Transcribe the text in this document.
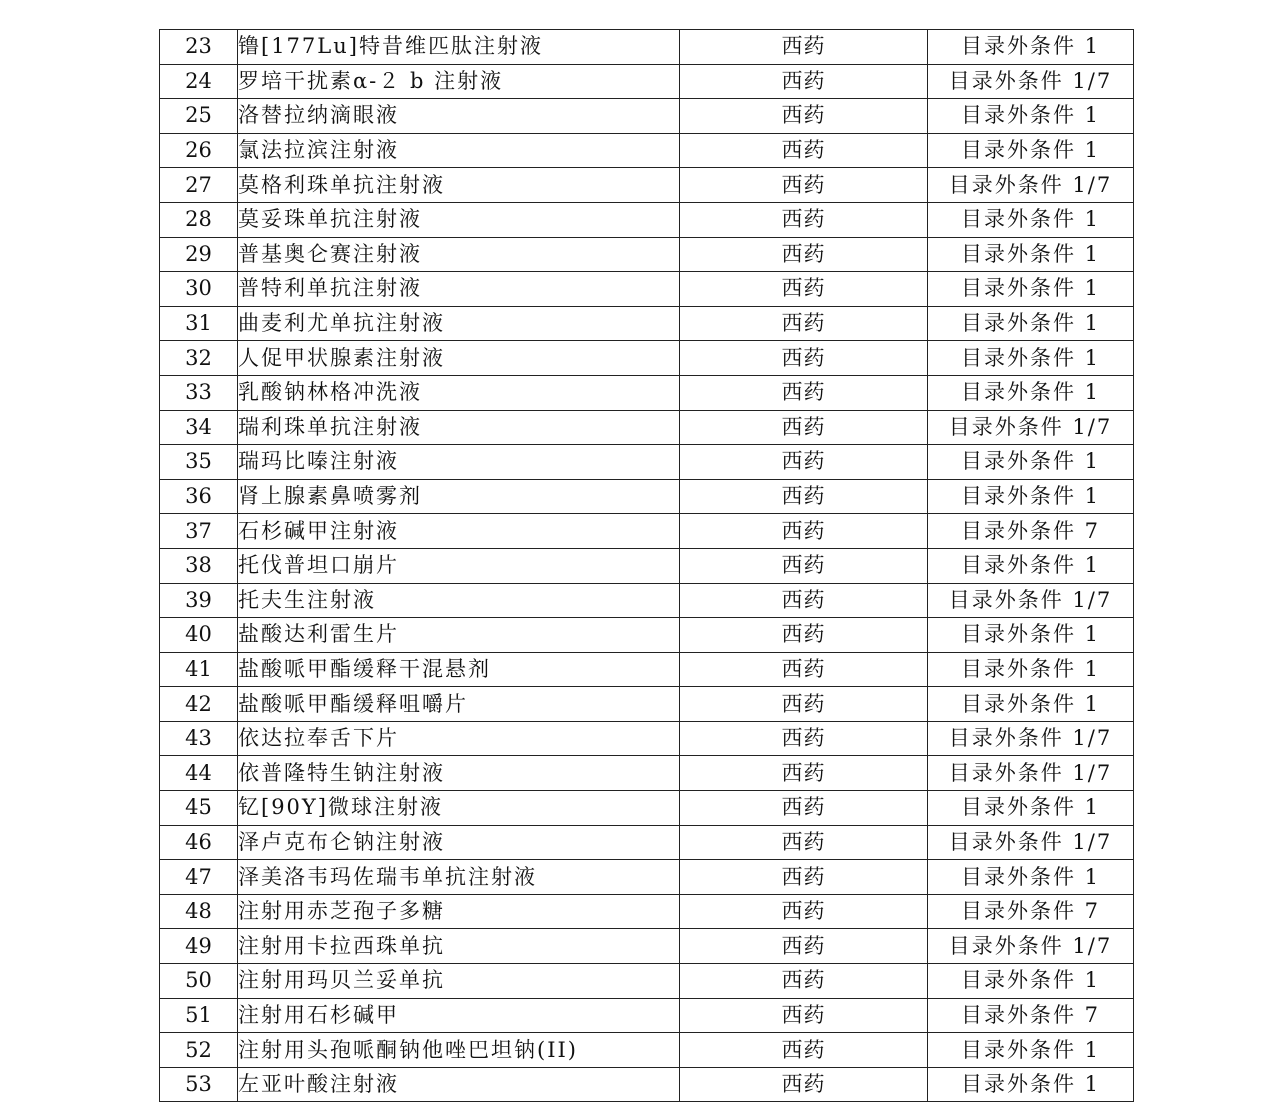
23	镥[177Lu]特昔维匹肽注射液	西药	目录外条件 1
24	罗培干扰素α-２ b 注射液	西药	目录外条件 1/7
25	洛替拉纳滴眼液	西药	目录外条件 1
26	氯法拉滨注射液	西药	目录外条件 1
27	莫格利珠单抗注射液	西药	目录外条件 1/7
28	莫妥珠单抗注射液	西药	目录外条件 1
29	普基奥仑赛注射液	西药	目录外条件 1
30	普特利单抗注射液	西药	目录外条件 1
31	曲麦利尤单抗注射液	西药	目录外条件 1
32	人促甲状腺素注射液	西药	目录外条件 1
33	乳酸钠林格冲洗液	西药	目录外条件 1
34	瑞利珠单抗注射液	西药	目录外条件 1/7
35	瑞玛比嗪注射液	西药	目录外条件 1
36	肾上腺素鼻喷雾剂	西药	目录外条件 1
37	石杉碱甲注射液	西药	目录外条件 7
38	托伐普坦口崩片	西药	目录外条件 1
39	托夫生注射液	西药	目录外条件 1/7
40	盐酸达利雷生片	西药	目录外条件 1
41	盐酸哌甲酯缓释干混悬剂	西药	目录外条件 1
42	盐酸哌甲酯缓释咀嚼片	西药	目录外条件 1
43	依达拉奉舌下片	西药	目录外条件 1/7
44	依普隆特生钠注射液	西药	目录外条件 1/7
45	钇[90Y]微球注射液	西药	目录外条件 1
46	泽卢克布仑钠注射液	西药	目录外条件 1/7
47	泽美洛韦玛佐瑞韦单抗注射液	西药	目录外条件 1
48	注射用赤芝孢子多糖	西药	目录外条件 7
49	注射用卡拉西珠单抗	西药	目录外条件 1/7
50	注射用玛贝兰妥单抗	西药	目录外条件 1
51	注射用石杉碱甲	西药	目录外条件 7
52	注射用头孢哌酮钠他唑巴坦钠(II)	西药	目录外条件 1
53	左亚叶酸注射液	西药	目录外条件 1
